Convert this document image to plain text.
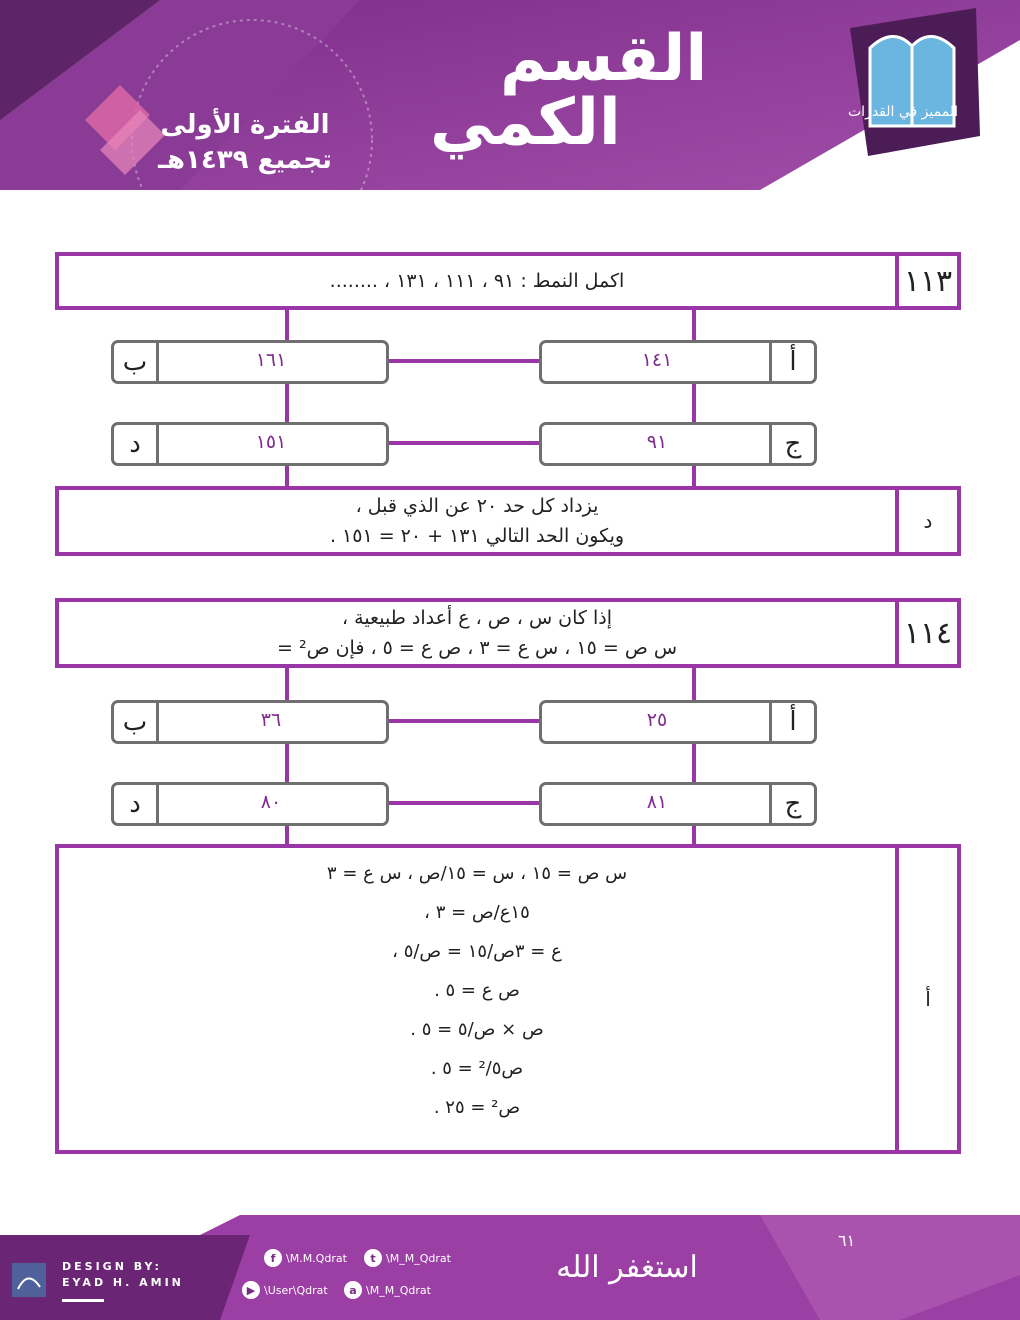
القسم
الكمي
الفترة الأولى
تجميع ١٤٣٩هـ
المميز في القدرات
اكمل النمط : ٩١ ، ١١١ ، ١٣١ ، ........	١١٣
١٤١	أ
ب	١٦١
٩١	ج
د	١٥١
يزداد كل حد ٢٠ عن الذي قبل ،
ويكون الحد التالي ١٣١ + ٢٠ = ١٥١ .
د
إذا كان س ، ص ، ع أعداد طبيعية ،
س ص = ١٥ ، س ع = ٣ ، ص ع = ٥ ، فإن ص² =	١١٤
٢٥	أ
ب	٣٦
٨١	ج
د	٨٠
س ص = ١٥ ، س = ١٥/ص ، س ع = ٣
١٥ع/ص = ٣ ،
ع = ٣ص/١٥ = ص/٥ ،
ص ع = ٥ .
ص × ص/٥ = ٥ .
ص²/٥ = ٥ .
ص² = ٢٥ .
أ
DESIGN BY:
EYAD H. AMIN
f \M.M.Qdrat	t \M_M_Qdrat
▶ \User\Qdrat	a \M_M_Qdrat
استغفر الله
٦١
